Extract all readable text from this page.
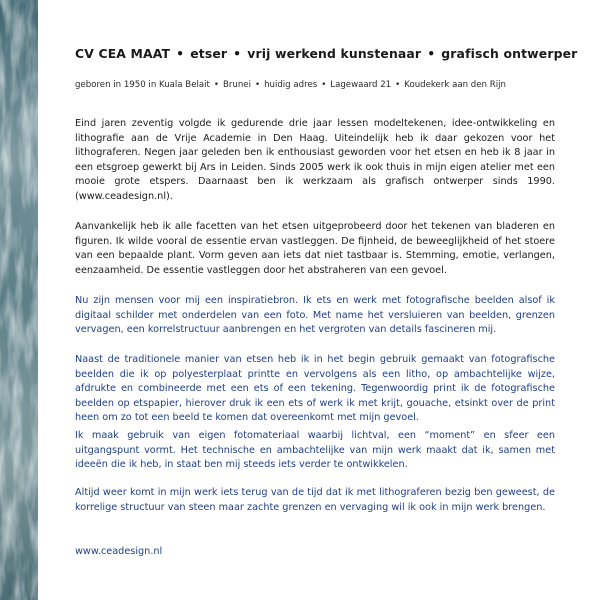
CV CEA MAAT • etser • vrij werkend kunstenaar • grafisch ontwerper
geboren in 1950 in Kuala Belait • Brunei • huidig adres • Lagewaard 21 • Koudekerk aan den Rijn

Eind jaren zeventig volgde ik gedurende drie jaar lessen modeltekenen, idee-ontwikkeling en lithografie aan de Vrije Academie in Den Haag. Uiteindelijk heb ik daar gekozen voor het lithograferen. Negen jaar geleden ben ik enthousiast geworden voor het etsen en heb ik 8 jaar in een etsgroep gewerkt bij Ars in Leiden. Sinds 2005 werk ik ook thuis in mijn eigen atelier met een mooie grote etspers. Daarnaast ben ik werkzaam als grafisch ontwerper sinds 1990. (www.ceadesign.nl).

Aanvankelijk heb ik alle facetten van het etsen uitgeprobeerd door het tekenen van bladeren en figuren. Ik wilde vooral de essentie ervan vastleggen. De fijnheid, de beweeglijkheid of het stoere van een bepaalde plant. Vorm geven aan iets dat niet tastbaar is. Stemming, emotie, verlangen, eenzaamheid. De essentie vastleggen door het abstraheren van een gevoel.

Nu zijn mensen voor mij een inspiratiebron. Ik ets en werk met fotografische beelden alsof ik digitaal schilder met onderdelen van een foto. Met name het versluieren van beelden, grenzen vervagen, een korrelstructuur aanbrengen en het vergroten van details fascineren mij.

Naast de traditionele manier van etsen heb ik in het begin gebruik gemaakt van fotografische beelden die ik op polyesterplaat printte en vervolgens als een litho, op ambachtelijke wijze, afdrukte en combineerde met een ets of een tekening. Tegenwoordig print ik de fotografische beelden op etspapier, hierover druk ik een ets of werk ik met krijt, gouache, etsinkt over de print heen om zo tot een beeld te komen dat overeenkomt met mijn gevoel.

Ik maak gebruik van eigen fotomateriaal waarbij lichtval, een “moment” en sfeer een uitgangspunt vormt. Het technische en ambachtelijke van mijn werk maakt dat ik, samen met ideeën die ik heb, in staat ben mij steeds iets verder te ontwikkelen.

Altijd weer komt in mijn werk iets terug van de tijd dat ik met lithograferen bezig ben geweest, de korrelige structuur van steen maar zachte grenzen en vervaging wil ik ook in mijn werk brengen.

www.ceadesign.nl
